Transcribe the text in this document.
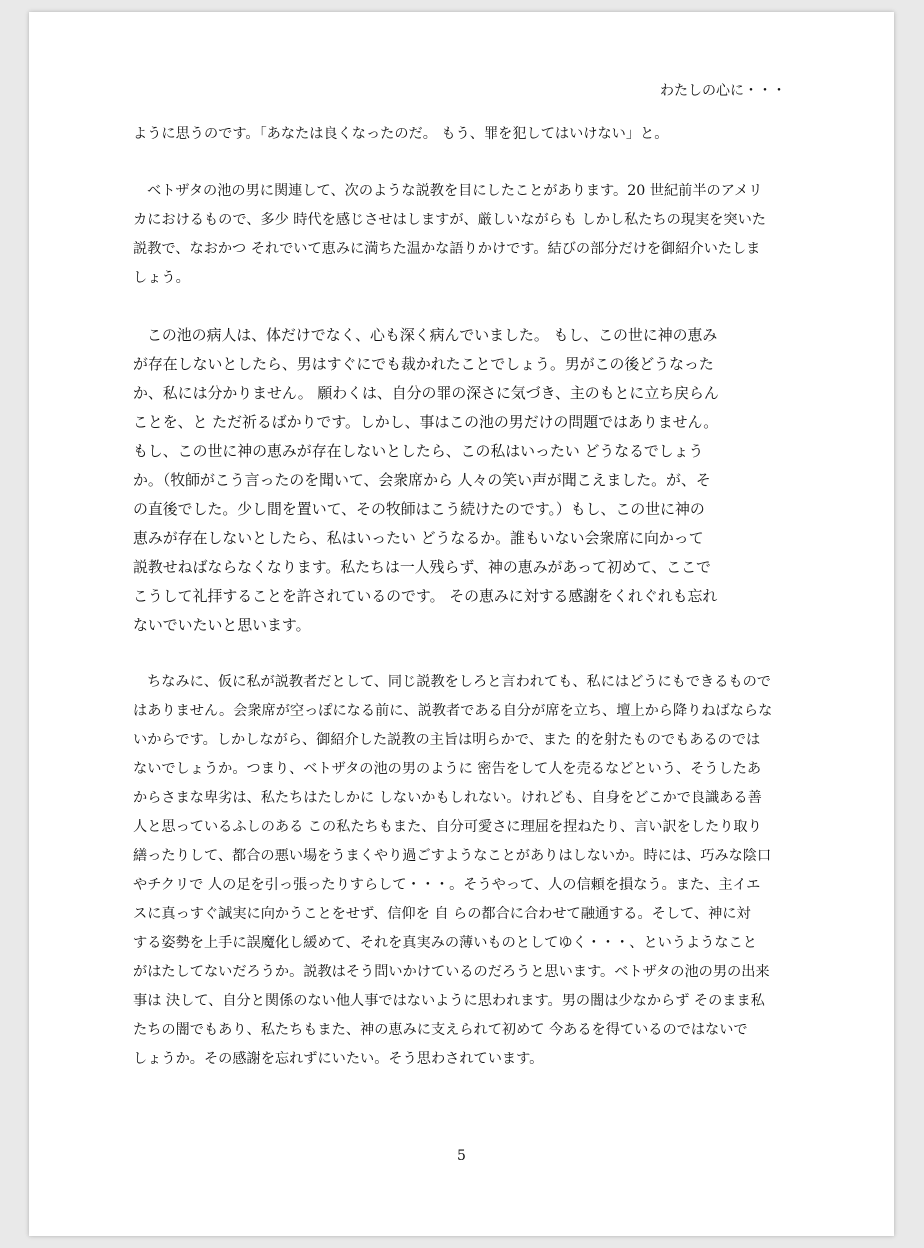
わたしの心に・・・
ように思うのです。「あなたは良くなったのだ。 もう、罪を犯してはいけない」と。
ベトザタの池の男に関連して、次のような説教を目にしたことがあります。20 世紀前半のアメリ
カにおけるもので、多少 時代を感じさせはしますが、厳しいながらも しかし私たちの現実を突いた
説教で、なおかつ それでいて恵みに満ちた温かな語りかけです。結びの部分だけを御紹介いたしま
しょう。
この池の病人は、体だけでなく、心も深く病んでいました。 もし、この世に神の恵み
が存在しないとしたら、男はすぐにでも裁かれたことでしょう。男がこの後どうなった
か、私には分かりません。 願わくは、自分の罪の深さに気づき、主のもとに立ち戻らん
ことを、と ただ祈るばかりです。しかし、事はこの池の男だけの問題ではありません。
もし、この世に神の恵みが存在しないとしたら、この私はいったい どうなるでしょう
か。（牧師がこう言ったのを聞いて、会衆席から 人々の笑い声が聞こえました。が、そ
の直後でした。少し間を置いて、その牧師はこう続けたのです。）もし、この世に神の
恵みが存在しないとしたら、私はいったい どうなるか。誰もいない会衆席に向かって
説教せねばならなくなります。私たちは一人残らず、神の恵みがあって初めて、ここで
こうして礼拝することを許されているのです。 その恵みに対する感謝をくれぐれも忘れ
ないでいたいと思います。
ちなみに、仮に私が説教者だとして、同じ説教をしろと言われても、私にはどうにもできるもので
はありません。会衆席が空っぽになる前に、説教者である自分が席を立ち、壇上から降りねばならな
いからです。しかしながら、御紹介した説教の主旨は明らかで、また 的を射たものでもあるのでは
ないでしょうか。つまり、ベトザタの池の男のように 密告をして人を売るなどという、そうしたあ
からさまな卑劣は、私たちはたしかに しないかもしれない。けれども、自身をどこかで良識ある善
人と思っているふしのある この私たちもまた、自分可愛さに理屈を捏ねたり、言い訳をしたり取り
繕ったりして、都合の悪い場をうまくやり過ごすようなことがありはしないか。時には、巧みな陰口
やチクリで 人の足を引っ張ったりすらして・・・。そうやって、人の信頼を損なう。また、主イエ
スに真っすぐ誠実に向かうことをせず、信仰を 自 らの都合に合わせて融通する。そして、神に対
する姿勢を上手に誤魔化し緩めて、それを真実みの薄いものとしてゆく・・・、というようなこと
がはたしてないだろうか。説教はそう問いかけているのだろうと思います。ベトザタの池の男の出来
事は 決して、自分と関係のない他人事ではないように思われます。男の闇は少なからず そのまま私
たちの闇でもあり、私たちもまた、神の恵みに支えられて初めて 今あるを得ているのではないで
しょうか。その感謝を忘れずにいたい。そう思わされています。
5
